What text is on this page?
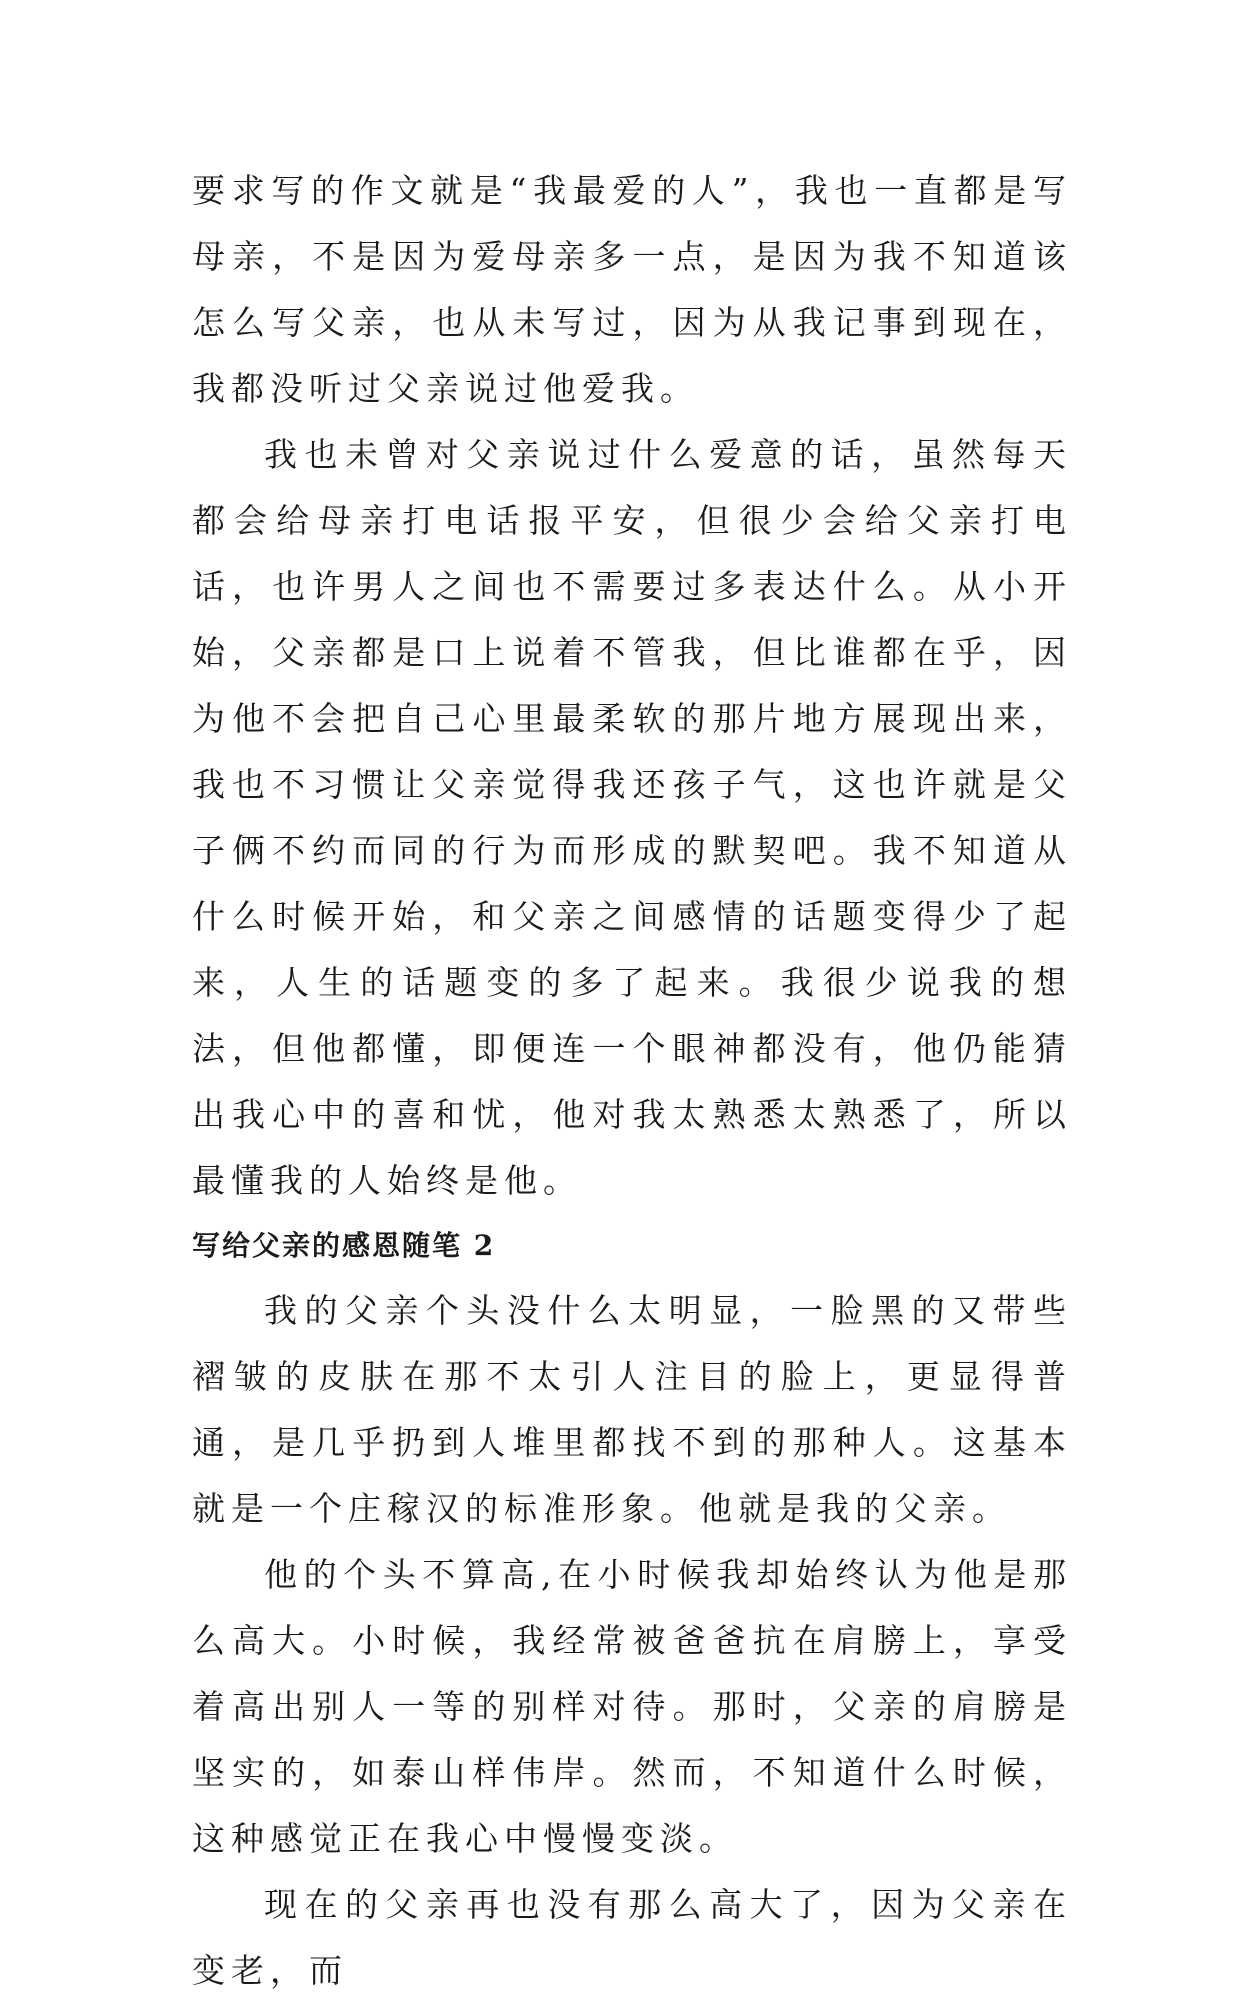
要求写的作文就是“我最爱的人”，我也一直都是写母亲，不是因为爱母亲多一点，是因为我不知道该怎么写父亲，也从未写过，因为从我记事到现在，我都没听过父亲说过他爱我。

我也未曾对父亲说过什么爱意的话，虽然每天都会给母亲打电话报平安，但很少会给父亲打电话，也许男人之间也不需要过多表达什么。从小开始，父亲都是口上说着不管我，但比谁都在乎，因为他不会把自己心里最柔软的那片地方展现出来，我也不习惯让父亲觉得我还孩子气，这也许就是父子俩不约而同的行为而形成的默契吧。我不知道从什么时候开始，和父亲之间感情的话题变得少了起来，人生的话题变的多了起来。我很少说我的想法，但他都懂，即便连一个眼神都没有，他仍能猜出我心中的喜和忧，他对我太熟悉太熟悉了，所以最懂我的人始终是他。

写给父亲的感恩随笔 2

我的父亲个头没什么太明显，一脸黑的又带些褶皱的皮肤在那不太引人注目的脸上，更显得普通，是几乎扔到人堆里都找不到的那种人。这基本就是一个庄稼汉的标准形象。他就是我的父亲。

他的个头不算高,在小时候我却始终认为他是那么高大。小时候，我经常被爸爸抗在肩膀上，享受着高出别人一等的别样对待。那时，父亲的肩膀是坚实的，如泰山样伟岸。然而，不知道什么时候，这种感觉正在我心中慢慢变淡。

现在的父亲再也没有那么高大了，因为父亲在变老，而
